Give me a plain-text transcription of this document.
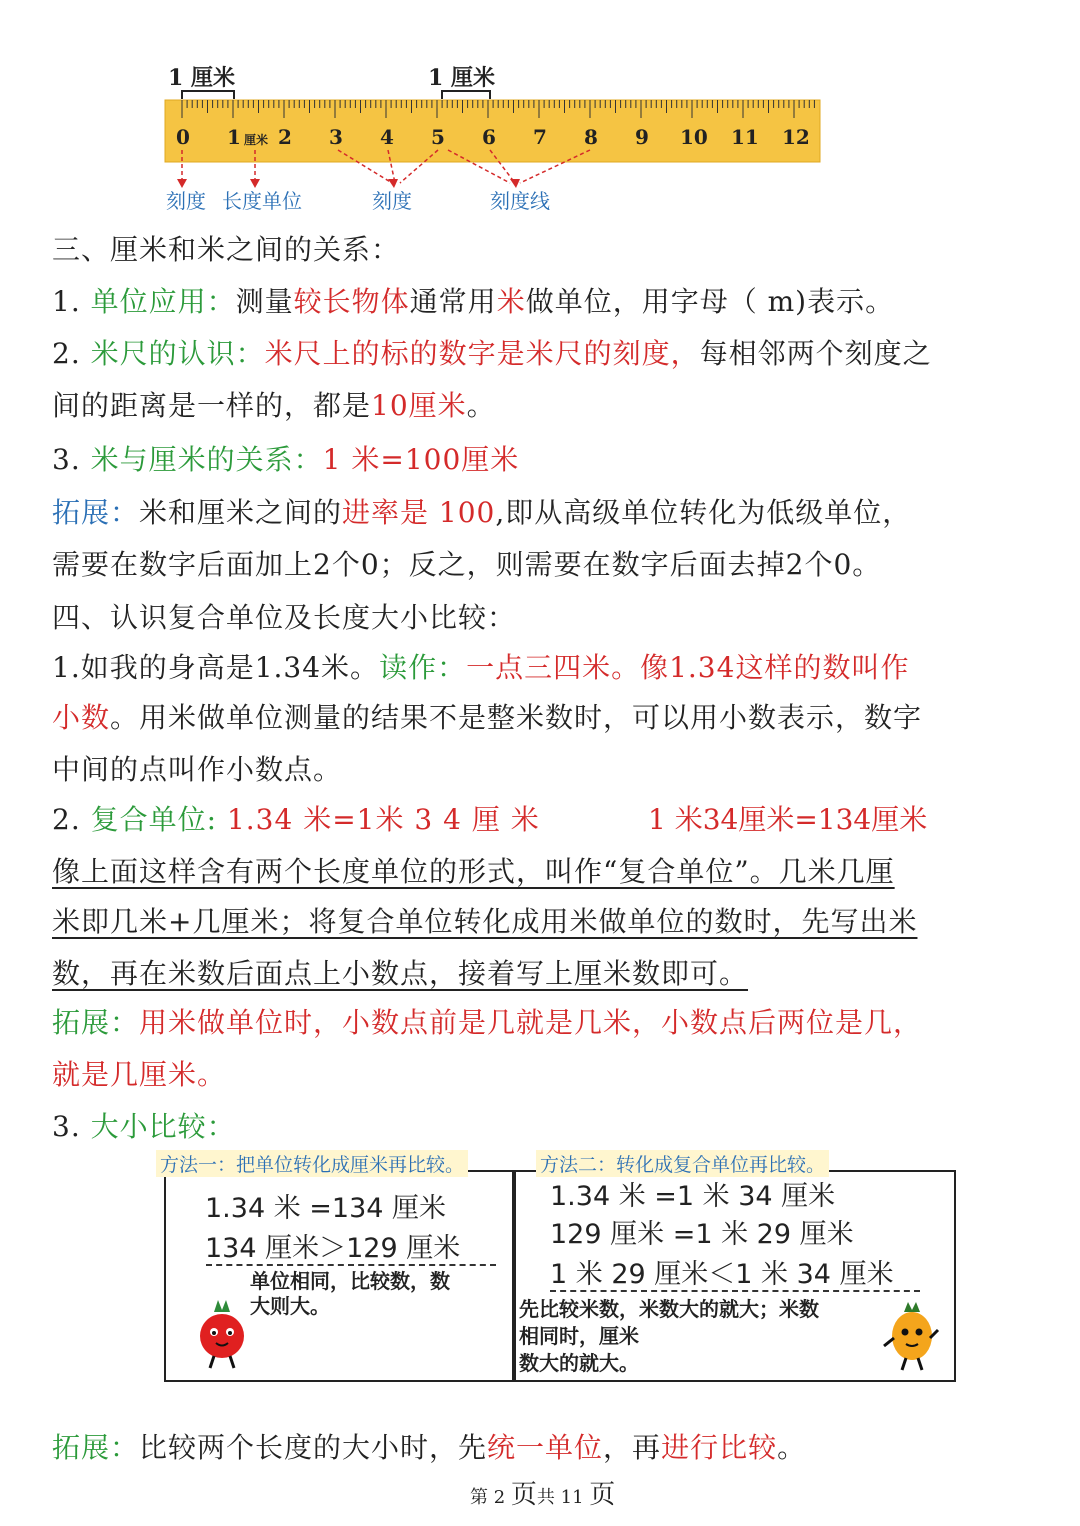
1 厘米	1 厘米
0 1 2 3 4 5 6 7 8 9 10 11 12
厘米
刻度 长度单位	刻度	刻度线
三、厘米和米之间的关系：
1. 单位应用：测量较长物体通常用米做单位，用字母（ m)表示。
2. 米尺的认识：米尺上的标的数字是米尺的刻度，每相邻两个刻度之
间的距离是一样的，都是10厘米。
3. 米与厘米的关系：1 米=100厘米
拓展：米和厘米之间的进率是 100,即从高级单位转化为低级单位，
需要在数字后面加上2个0；反之，则需要在数字后面去掉2个0。
四、认识复合单位及长度大小比较：
1.如我的身高是1.34米。读作：一点三四米。像1.34这样的数叫作
小数。用米做单位测量的结果不是整米数时，可以用小数表示，数字
中间的点叫作小数点。
2. 复合单位: 1.34 米=1米 3 4 厘 米	1 米34厘米=134厘米
像上面这样含有两个长度单位的形式，叫作“复合单位”。几米几厘
米即几米+几厘米；将复合单位转化成用米做单位的数时，先写出米
数，再在米数后面点上小数点，接着写上厘米数即可。
拓展：用米做单位时，小数点前是几就是几米，小数点后两位是几，
就是几厘米。
3. 大小比较：
方法一：把单位转化成厘米再比较。	方法二：转化成复合单位再比较。
1.34 米 =134 厘米
134 厘米＞129 厘米
单位相同，比较数，数
大则大。
1.34 米 =1 米 34 厘米
129 厘米 =1 米 29 厘米
1 米 29 厘米＜1 米 34 厘米
先比较米数，米数大的就大；米数
相同时，厘米
数大的就大。
拓展：比较两个长度的大小时，先统一单位，再进行比较。
第 2 页共 11 页
